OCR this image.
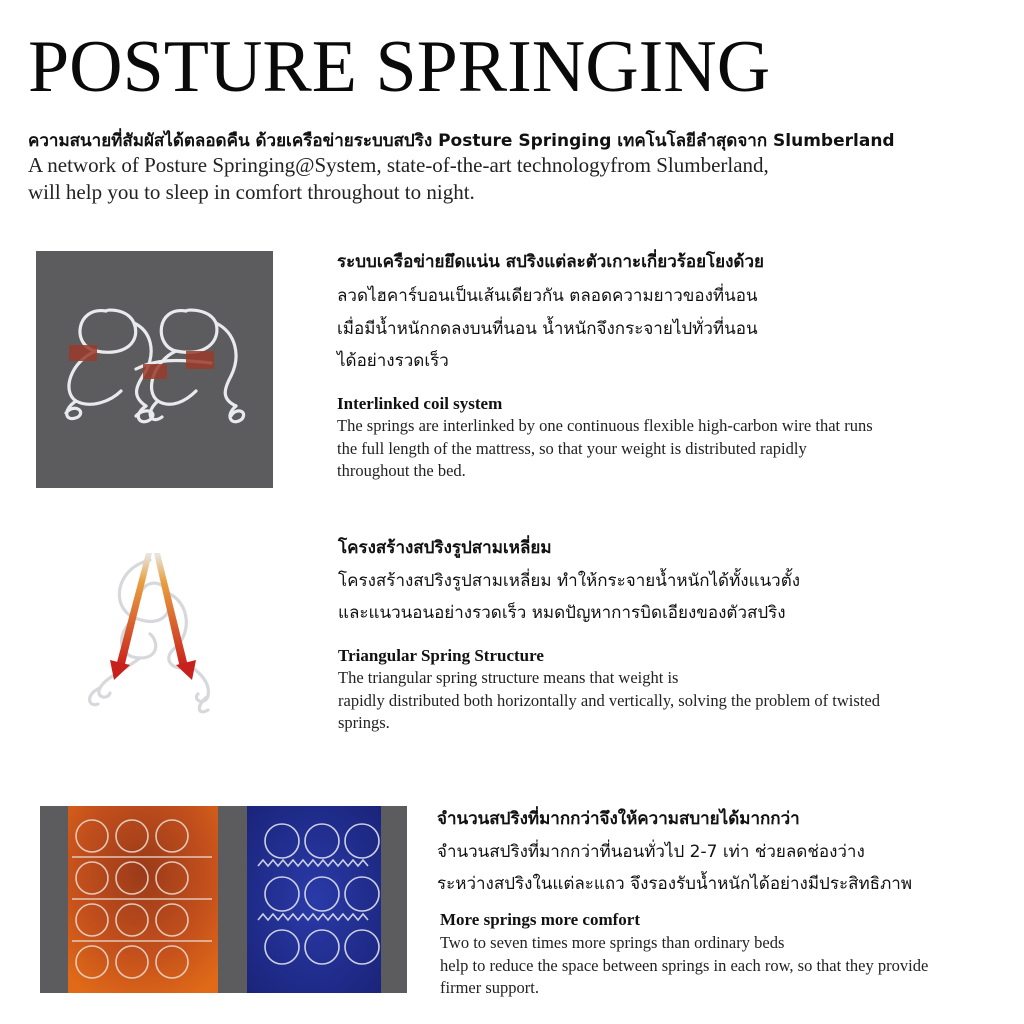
POSTURE SPRINGING
ความสนายที่สัมผัสได้ตลอดคืน ด้วยเครือข่ายระบบสปริง Posture Springing เทคโนโลยีลำสุดจาก Slumberland
A network of Posture Springing@System, state-of-the-art technologyfrom Slumberland,
will help you to sleep in comfort throughout to night.
ระบบเครือข่ายยึดแน่น สปริงแต่ละตัวเกาะเกี่ยวร้อยโยงด้วย
ลวดไฮคาร์บอนเป็นเส้นเดียวกัน ตลอดความยาวของที่นอน
เมื่อมีน้ำหนักกดลงบนที่นอน น้ำหนักจึงกระจายไปทั่วที่นอน
ได้อย่างรวดเร็ว
Interlinked coil system
The springs are interlinked by one continuous flexible high-carbon wire that runs
the full length of the mattress, so that your weight is distributed rapidly
throughout the bed.
โครงสร้างสปริงรูปสามเหลี่ยม
โครงสร้างสปริงรูปสามเหลี่ยม ทำให้กระจายน้ำหนักได้ทั้งแนวตั้ง
และแนวนอนอย่างรวดเร็ว หมดปัญหาการบิดเอียงของตัวสปริง
Triangular Spring Structure
The triangular spring structure means that weight is
rapidly distributed both horizontally and vertically, solving the problem of twisted
springs.
จำนวนสปริงที่มากกว่าจึงให้ความสบายได้มากกว่า
จำนวนสปริงที่มากกว่าที่นอนทั่วไป 2-7 เท่า ช่วยลดช่องว่าง
ระหว่างสปริงในแต่ละแถว จึงรองรับน้ำหนักได้อย่างมีประสิทธิภาพ
More springs more comfort
Two to seven times more springs than ordinary beds
help to reduce the space between springs in each row, so that they provide
firmer support.
